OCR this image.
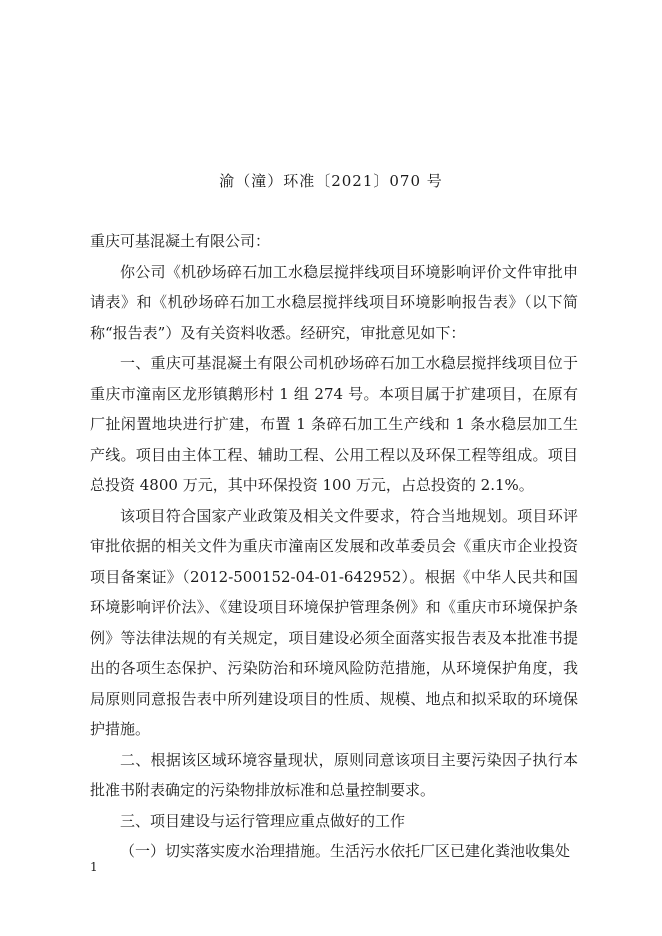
渝（潼）环准〔2021〕070 号

重庆可基混凝土有限公司：

你公司《机砂场碎石加工水稳层搅拌线项目环境影响评价文件审批申请表》和《机砂场碎石加工水稳层搅拌线项目环境影响报告表》（以下简称“报告表”）及有关资料收悉。经研究，审批意见如下：

一、重庆可基混凝土有限公司机砂场碎石加工水稳层搅拌线项目位于重庆市潼南区龙形镇鹅形村 1 组 274 号。本项目属于扩建项目，在原有厂扯闲置地块进行扩建，布置 1 条碎石加工生产线和 1 条水稳层加工生产线。项目由主体工程、辅助工程、公用工程以及环保工程等组成。项目总投资 4800 万元，其中环保投资 100 万元，占总投资的 2.1%。

该项目符合国家产业政策及相关文件要求，符合当地规划。项目环评审批依据的相关文件为重庆市潼南区发展和改革委员会《重庆市企业投资项目备案证》（2012-500152-04-01-642952）。根据《中华人民共和国环境影响评价法》、《建设项目环境保护管理条例》和《重庆市环境保护条例》等法律法规的有关规定，项目建设必须全面落实报告表及本批准书提出的各项生态保护、污染防治和环境风险防范措施，从环境保护角度，我局原则同意报告表中所列建设项目的性质、规模、地点和拟采取的环境保护措施。

二、根据该区域环境容量现状，原则同意该项目主要污染因子执行本批准书附表确定的污染物排放标准和总量控制要求。

三、项目建设与运行管理应重点做好的工作

（一）切实落实废水治理措施。生活污水依托厂区已建化粪池收集处

1
